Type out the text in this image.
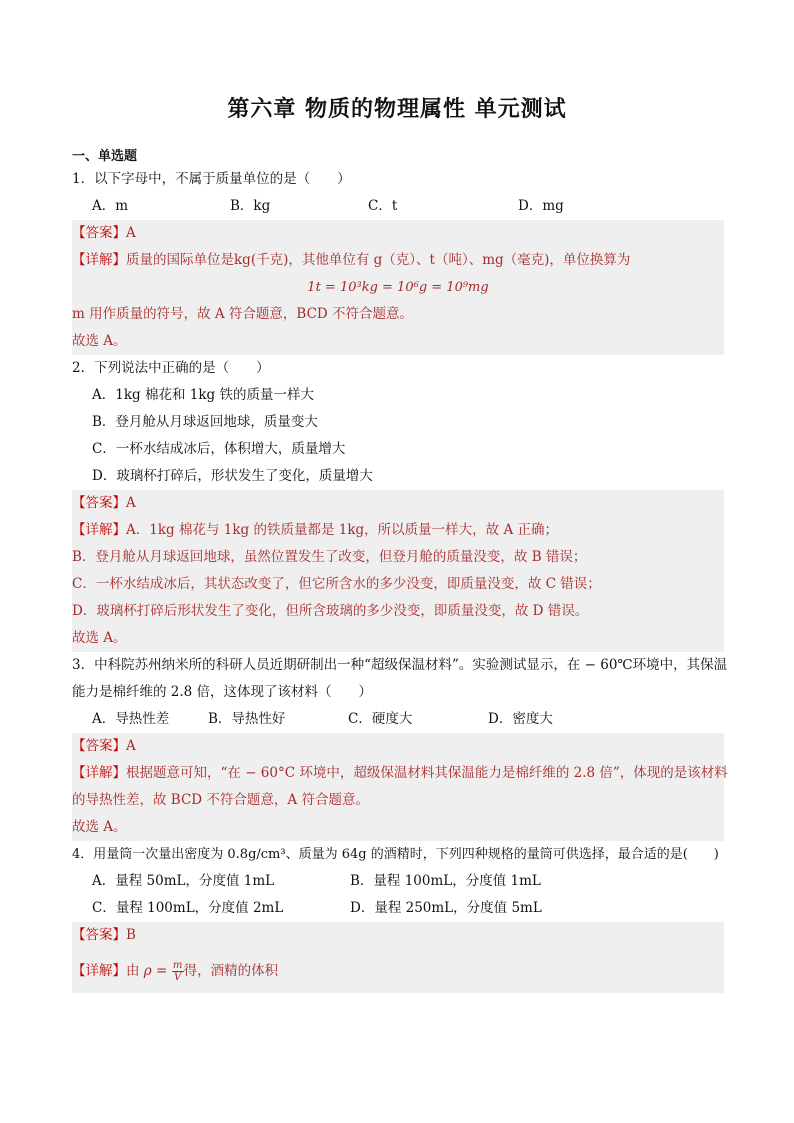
第六章 物质的物理属性 单元测试
一、单选题
1．以下字母中，不属于质量单位的是（　　）
A．m	B．kg	C．t	D．mg
【答案】A
【详解】质量的国际单位是kg(千克)，其他单位有 g（克）、t（吨）、mg（毫克)，单位换算为
1t = 10³kg = 10⁶g = 10⁹mg
m 用作质量的符号，故 A 符合题意，BCD 不符合题意。
故选 A。
2．下列说法中正确的是（　　）
A．1kg 棉花和 1kg 铁的质量一样大
B．登月舱从月球返回地球，质量变大
C．一杯水结成冰后，体积增大，质量增大
D．玻璃杯打碎后，形状发生了变化，质量增大
【答案】A
【详解】A．1kg 棉花与 1kg 的铁质量都是 1kg，所以质量一样大，故 A 正确；
B．登月舱从月球返回地球，虽然位置发生了改变，但登月舱的质量没变，故 B 错误；
C．一杯水结成冰后，其状态改变了，但它所含水的多少没变，即质量没变，故 C 错误；
D．玻璃杯打碎后形状发生了变化，但所含玻璃的多少没变，即质量没变，故 D 错误。
故选 A。
3．中科院苏州纳米所的科研人员近期研制出一种“超级保温材料”。实验测试显示，在 − 60℃环境中，其保温
能力是棉纤维的 2.8 倍，这体现了该材料（　　）
A．导热性差	B．导热性好	C．硬度大	D．密度大
【答案】A
【详解】根据题意可知，“在 − 60°C 环境中，超级保温材料其保温能力是棉纤维的 2.8 倍”，体现的是该材料
的导热性差，故 BCD 不符合题意，A 符合题意。
故选 A。
4．用量筒一次量出密度为 0.8g/cm³、质量为 64g 的酒精时，下列四种规格的量筒可供选择，最合适的是(　　)
A．量程 50mL，分度值 1mL	B．量程 100mL，分度值 1mL
C．量程 100mL，分度值 2mL	D．量程 250mL，分度值 5mL
【答案】B
【详解】由 $\rho = \frac{m}{V}$ 得，酒精的体积
